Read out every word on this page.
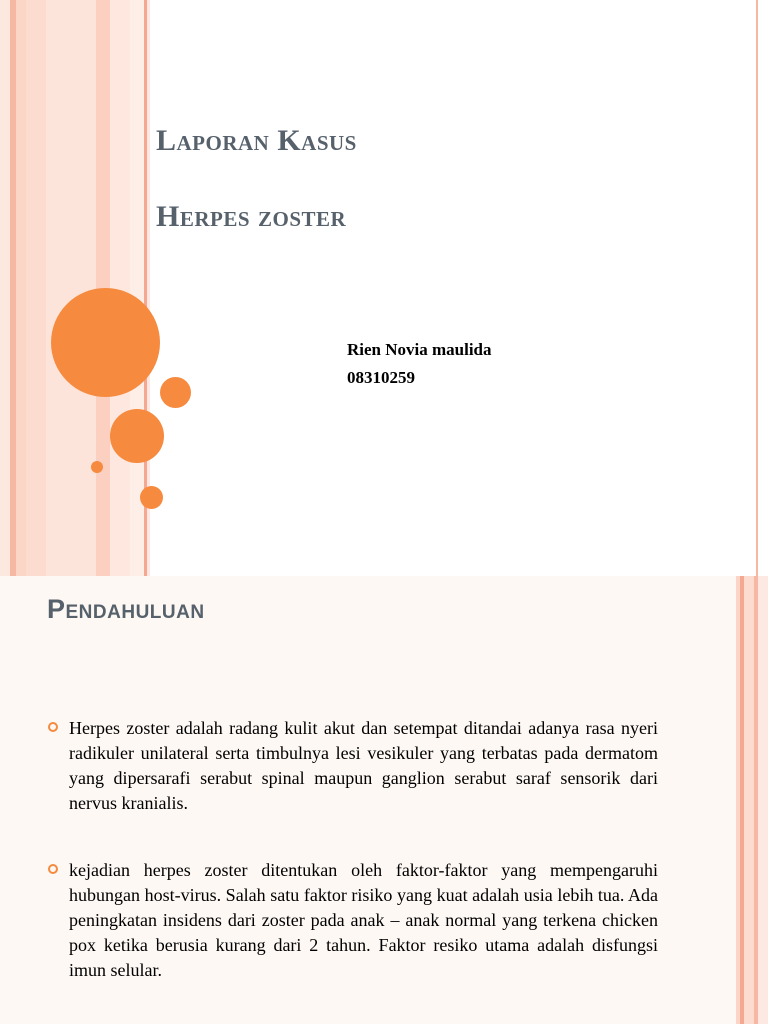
Laporan Kasus
Herpes zoster
Rien Novia maulida
08310259
Pendahuluan
Herpes zoster adalah radang kulit akut dan setempat ditandai adanya rasa nyeri radikuler unilateral serta timbulnya lesi vesikuler yang terbatas pada dermatom yang dipersarafi serabut spinal maupun ganglion serabut saraf sensorik dari nervus kranialis.
kejadian herpes zoster ditentukan oleh faktor-faktor yang mempengaruhi hubungan host-virus. Salah satu faktor risiko yang kuat adalah usia lebih tua. Ada peningkatan insidens dari zoster pada anak – anak normal yang terkena chicken pox ketika berusia kurang dari 2 tahun. Faktor resiko utama adalah disfungsi imun selular.
